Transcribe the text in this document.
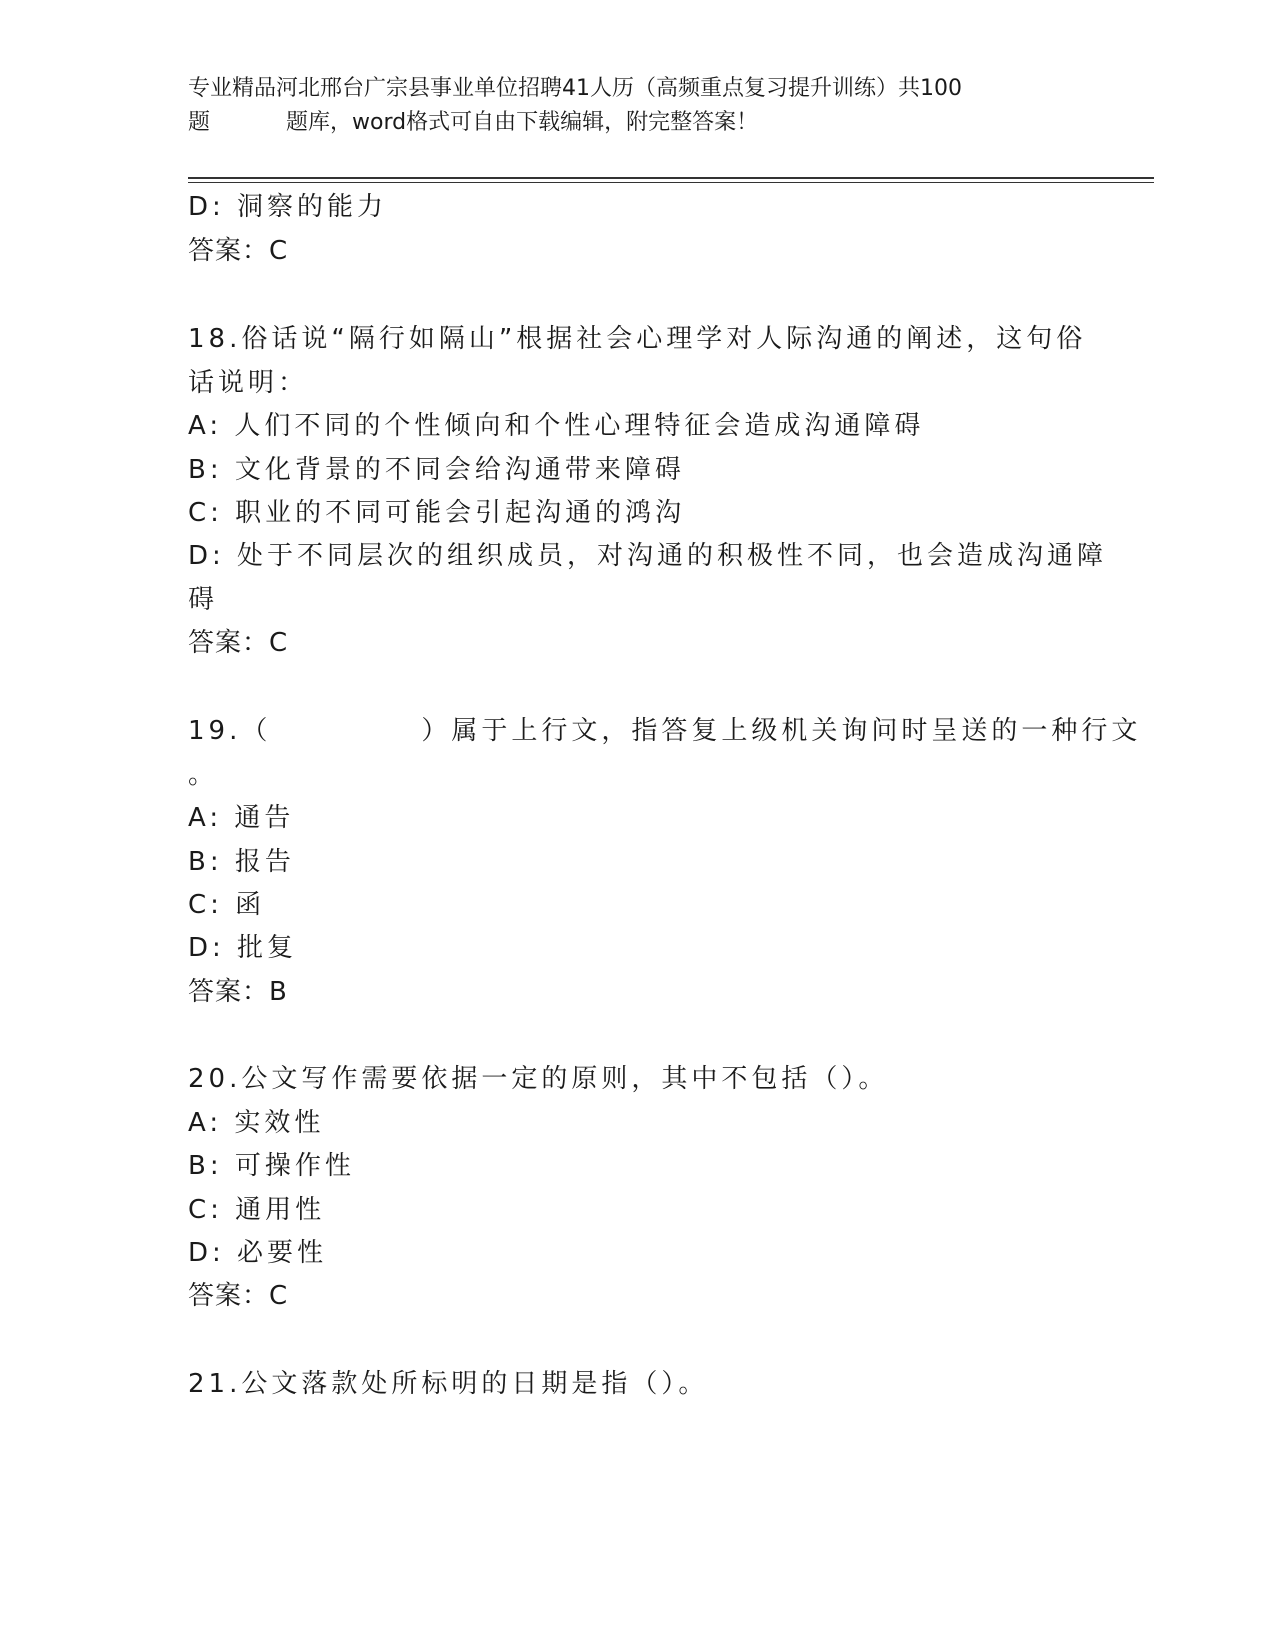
专业精品河北邢台广宗县事业单位招聘41人历（高频重点复习提升训练）共100
题	题库，word格式可自由下载编辑，附完整答案！
D: 洞察的能力
答案：C
18.俗话说“隔行如隔山”根据社会心理学对人际沟通的阐述，这句俗
话说明：
A: 人们不同的个性倾向和个性心理特征会造成沟通障碍
B: 文化背景的不同会给沟通带来障碍
C: 职业的不同可能会引起沟通的鸿沟
D: 处于不同层次的组织成员，对沟通的积极性不同，也会造成沟通障
碍
答案：C
19.（　　　　　）属于上行文，指答复上级机关询问时呈送的一种行文
。
A: 通告
B: 报告
C: 函
D: 批复
答案：B
20.公文写作需要依据一定的原则，其中不包括（）。
A: 实效性
B: 可操作性
C: 通用性
D: 必要性
答案：C
21.公文落款处所标明的日期是指（）。
